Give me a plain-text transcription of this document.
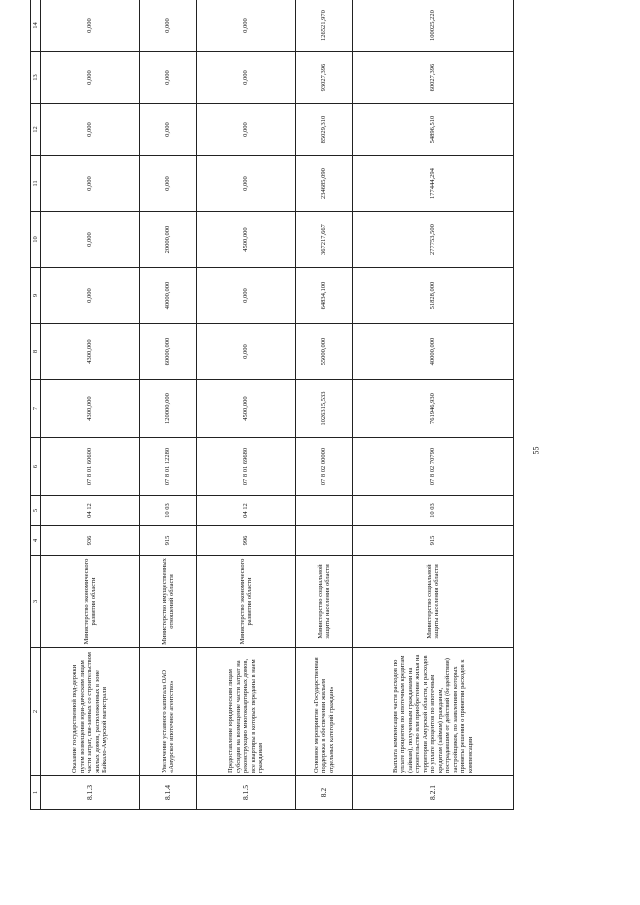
55
1	2	3	4	5	6	7	8	9	10	11	12	13	14
8.1.3	Оказание государственной под-держки путем возмещения юри-дическим лицам части затрат, свя-занных со строительством жилых домов, расположенных в зоне Байкало-Амурской магистрали	Министерство экономического развития области	936	04 12	07 8 01 60600	4300,000	4300,000	0,000	0,000	0,000	0,000	0,000	0,000
8.1.4	Увеличение уставного капитала ОАО «Амурское ипотечное агентство»	Министерство имущественных отношений области	915	10 03	07 8 01 12280	120000,000	60000,000	40000,000	20000,000	0,000	0,000	0,000	0,000
8.1.5	Предоставление юридическим лицам субсидии на возмещение части затрат на реконструкцию многоквартирных домов, все квартиры в которых переданы в наем гражданам	Министерство экономического развития области	996	04 12	07 8 01 69680	4500,000	0,000	0,000	4500,000	0,000	0,000	0,000	0,000
8.2	Основное мероприятие «Государственная поддержка в обеспечении жильем отдельных категорий граждан»	Министерство социальной защиты населения области			07 8 02 00000	1026315,533	55000,000	64834,100	367217,667	234685,090	85029,310	93027,396	126521,970
8.2.1	Выплата компенсации части расходов по уплате процентов по ипотечным кредитам (займам), полученным гражданами на строительство или приобретение жилья на территории Амурской области, и расходов по уплате процентов по ипотечным кредитам (займам) гражданам, пострадавшим от действий (бездействия) застройщиков, по заявлениям которых приняты решения о принятии расходов к компенсации	Министерство социальной защиты населения области	915	10 03	07 8 02 70790	761946,930	40000,000	51828,000	277753,500	177444,294	54896,510	60027,396	100025,220
